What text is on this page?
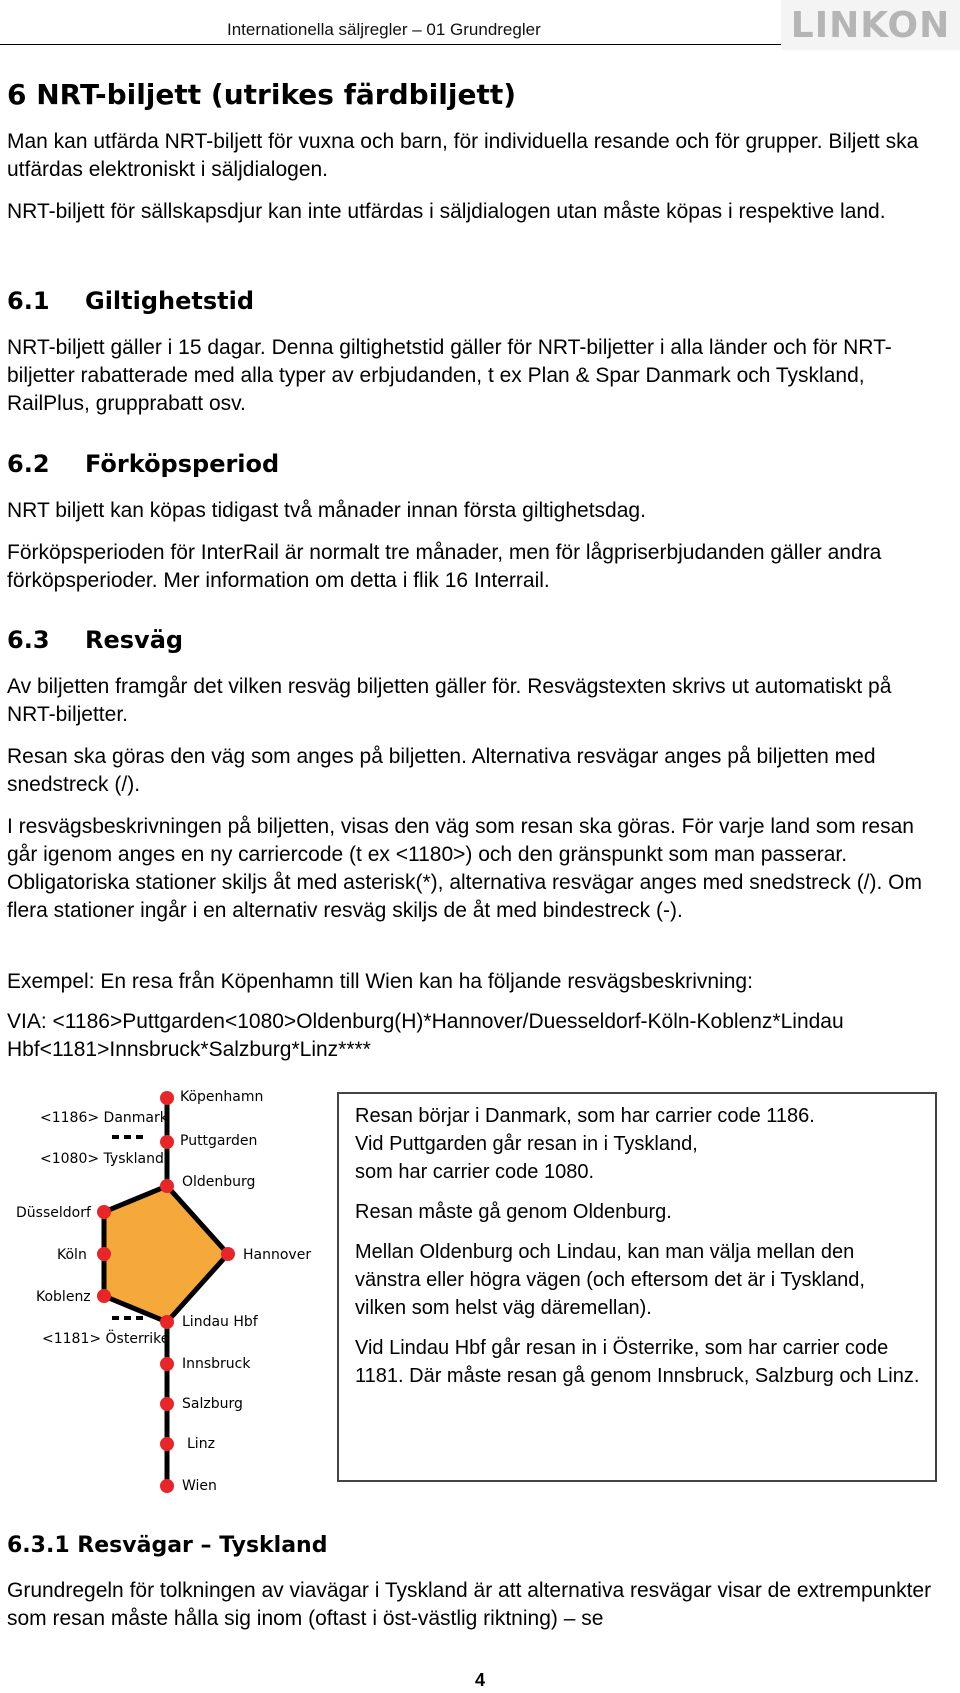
Internationella säljregler – 01 Grundregler	LINKON
6 NRT-biljett (utrikes färdbiljett)

Man kan utfärda NRT-biljett för vuxna och barn, för individuella resande och för grupper. Biljett ska utfärdas elektroniskt i säljdialogen.

NRT-biljett för sällskapsdjur kan inte utfärdas i säljdialogen utan måste köpas i respektive land.

6.1 Giltighetstid

NRT-biljett gäller i 15 dagar. Denna giltighetstid gäller för NRT-biljetter i alla länder och för NRT-biljetter rabatterade med alla typer av erbjudanden, t ex Plan & Spar Danmark och Tyskland, RailPlus, grupprabatt osv.

6.2 Förköpsperiod

NRT biljett kan köpas tidigast två månader innan första giltighetsdag.

Förköpsperioden för InterRail är normalt tre månader, men för lågpriserbjudanden gäller andra förköpsperioder. Mer information om detta i flik 16 Interrail.

6.3 Resväg

Av biljetten framgår det vilken resväg biljetten gäller för. Resvägstexten skrivs ut automatiskt på NRT-biljetter.

Resan ska göras den väg som anges på biljetten. Alternativa resvägar anges på biljetten med snedstreck (/).

I resvägsbeskrivningen på biljetten, visas den väg som resan ska göras. För varje land som resan går igenom anges en ny carriercode (t ex <1180>) och den gränspunkt som man passerar. Obligatoriska stationer skiljs åt med asterisk(*), alternativa resvägar anges med snedstreck (/). Om flera stationer ingår i en alternativ resväg skiljs de åt med bindestreck (-).

Exempel: En resa från Köpenhamn till Wien kan ha följande resvägsbeskrivning:

VIA: <1186>Puttgarden<1080>Oldenburg(H)*Hannover/Duesseldorf-Köln-Koblenz*Lindau Hbf<1181>Innsbruck*Salzburg*Linz****

6.3.1 Resvägar – Tyskland

Grundregeln för tolkningen av viavägar i Tyskland är att alternativa resvägar visar de extrempunkter som resan måste hålla sig inom (oftast i öst-västlig riktning) – se

Köpenhamn
Puttgarden
Oldenburg
Düsseldorf
Köln
Koblenz
Hannover
Lindau Hbf
Innsbruck
Salzburg
Linz
Wien
<1186> Danmark
<1080> Tyskland
<1181> Österrike
Resan börjar i Danmark, som har carrier code 1186.
Vid Puttgarden går resan in i Tyskland,
som har carrier code 1080.
Resan måste gå genom Oldenburg.
Mellan Oldenburg och Lindau, kan man välja mellan den vänstra eller högra vägen (och eftersom det är i Tyskland, vilken som helst väg däremellan).
Vid Lindau Hbf går resan in i Österrike, som har carrier code 1181. Där måste resan gå genom Innsbruck, Salzburg och Linz.
4
